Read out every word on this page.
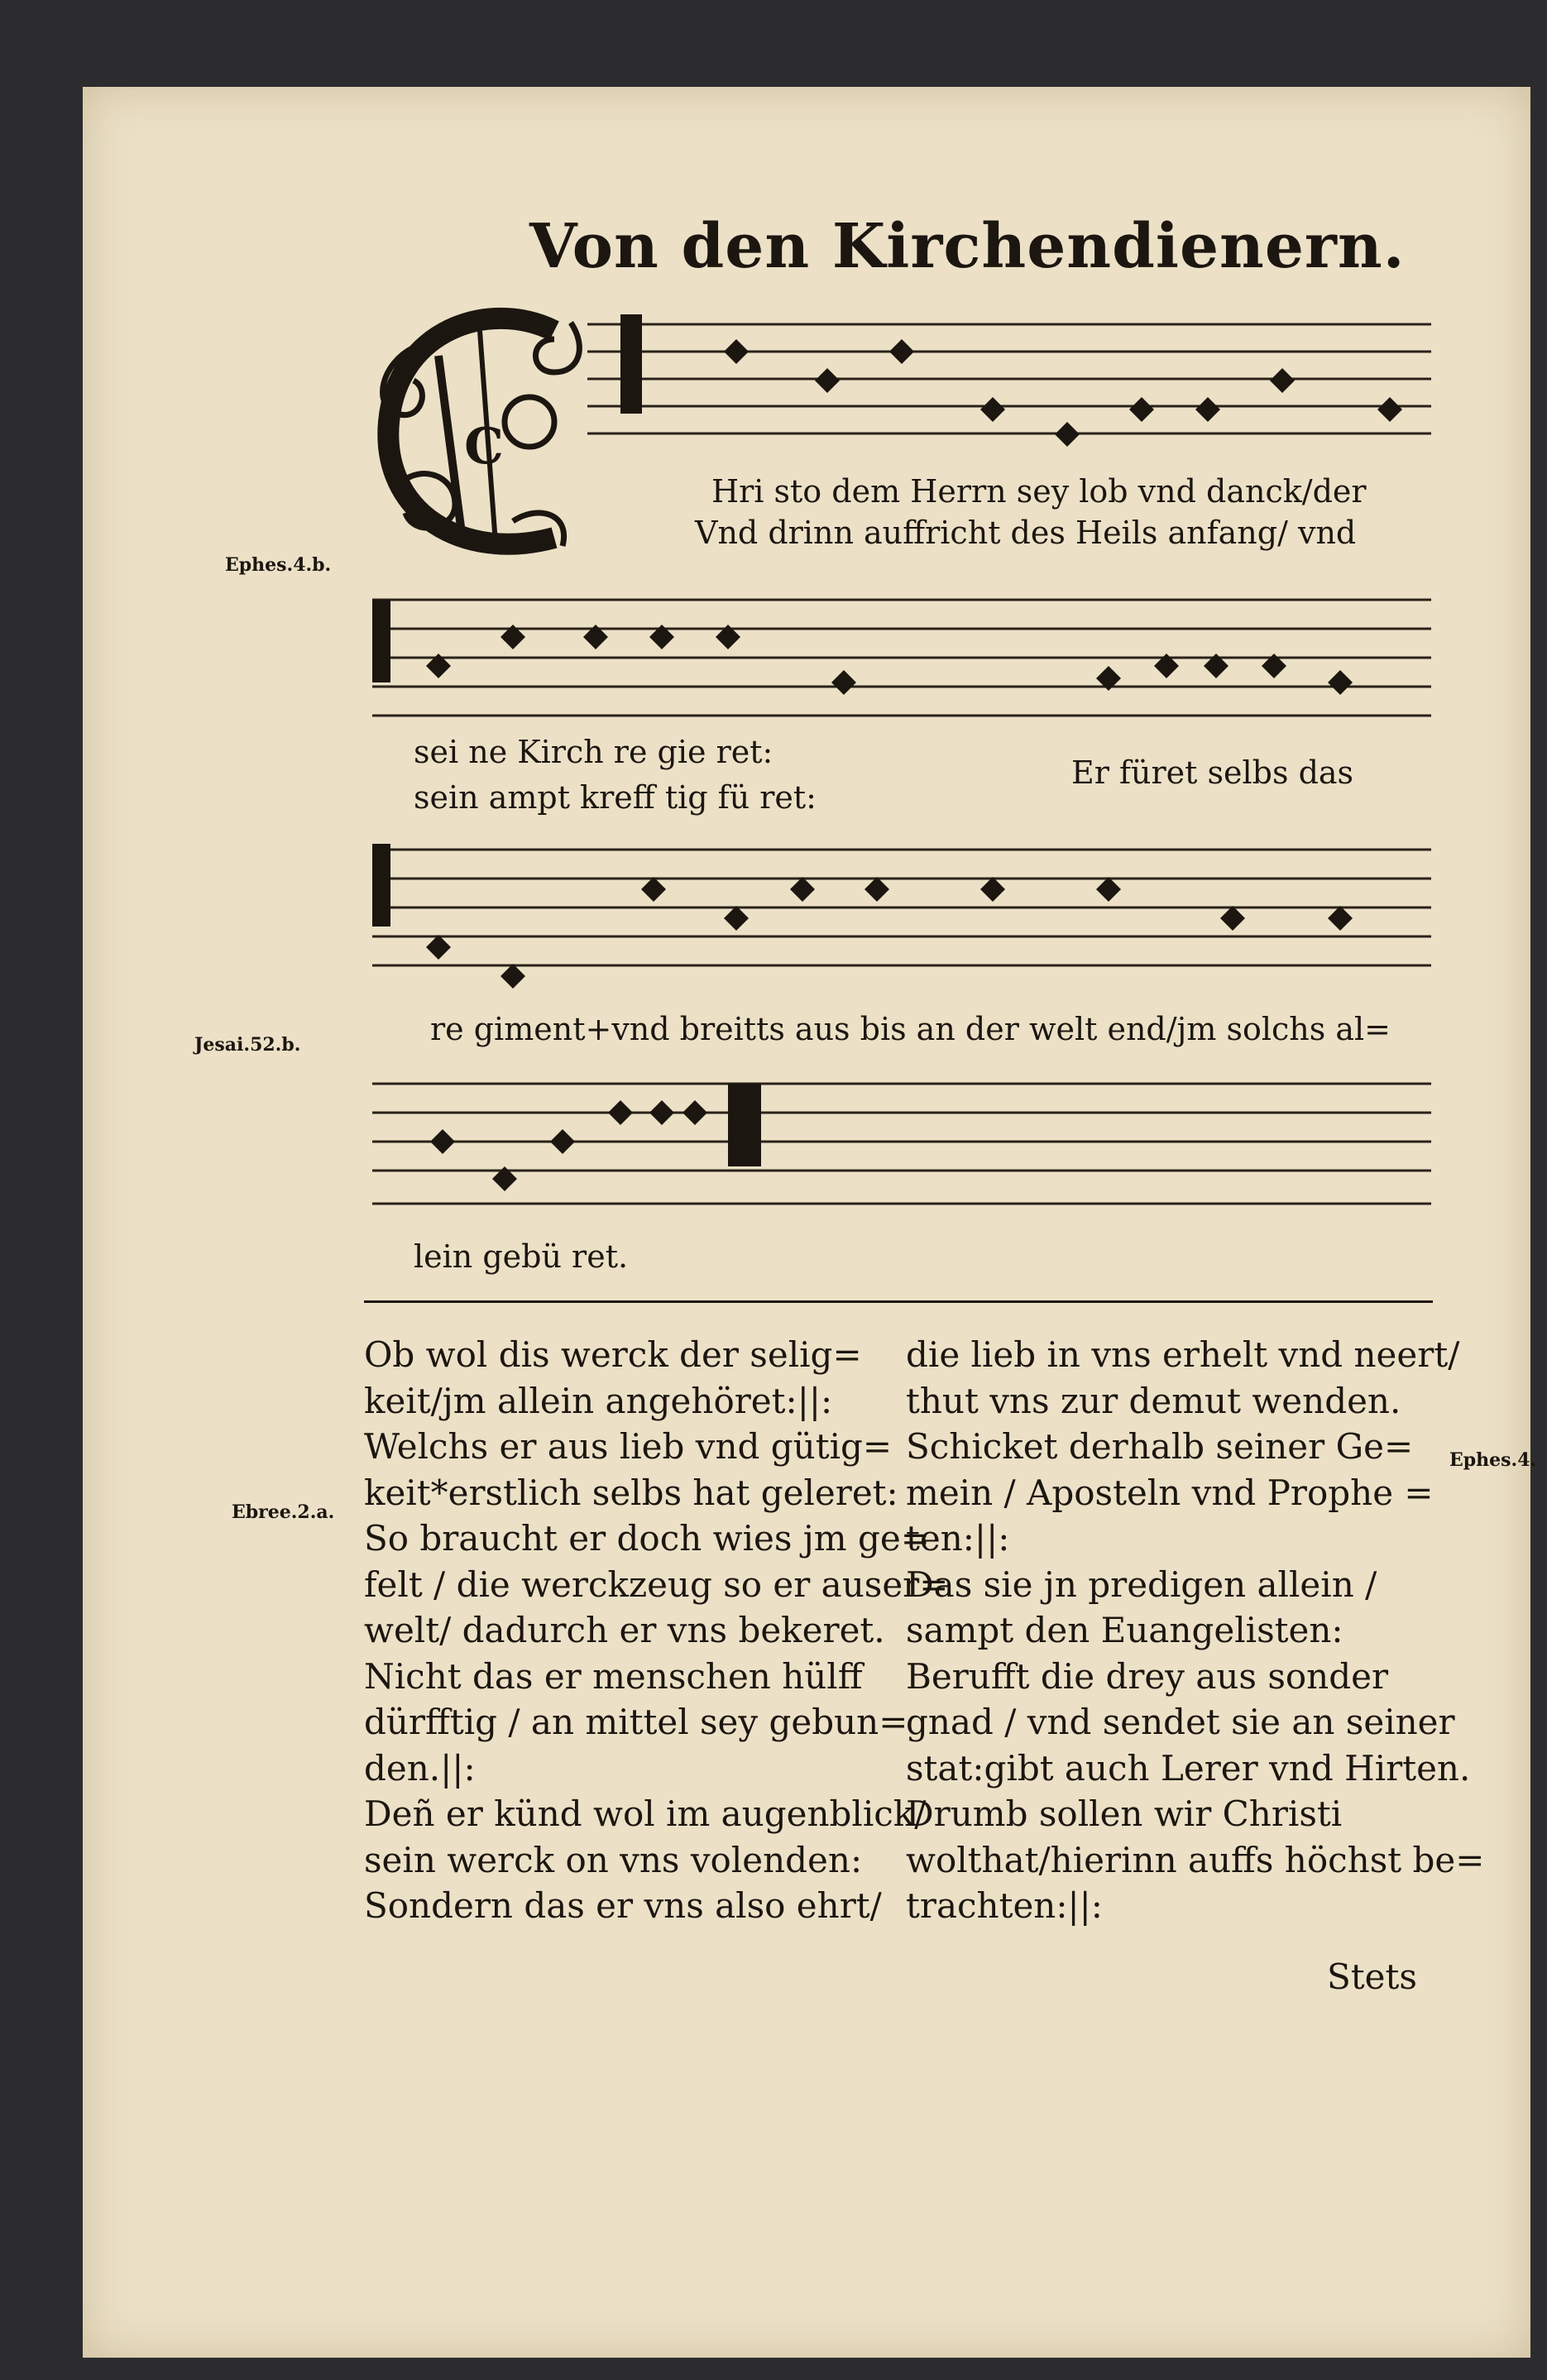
Von den Kirchendienern.
C
Hri sto dem Herrn sey lob vnd danck/der
Vnd drinn auffricht des Heils anfang/ vnd
Ephes.4.b.
sei ne Kirch re gie ret:
sein ampt kreff tig fü ret:
Er füret selbs das
Jesai.52.b.	re giment+vnd breitts aus bis an der welt end/jm solchs al=
lein gebü ret.
Ob wol dis werck der selig=
keit/jm allein angehöret:||:
Welchs er aus lieb vnd gütig=
keit*erstlich selbs hat geleret:
So braucht er doch wies jm ge=
felt / die werckzeug so er auser=
welt/ dadurch er vns bekeret.
Nicht das er menschen hülff
dürfftig / an mittel sey gebun=
den.||:
Deñ er künd wol im augenblick/
sein werck on vns volenden:
Sondern das er vns also ehrt/
Ebree.2.a.
die lieb in vns erhelt vnd neert/
thut vns zur demut wenden.
Schicket derhalb seiner Ge=
mein / Aposteln vnd Prophe =
ten:||:
Das sie jn predigen allein /
sampt den Euangelisten:
Berufft die drey aus sonder
gnad / vnd sendet sie an seiner
stat:gibt auch Lerer vnd Hirten.
Drumb sollen wir Christi
wolthat/hierinn auffs höchst be=
trachten:||:
Ephes.4.
Stets
